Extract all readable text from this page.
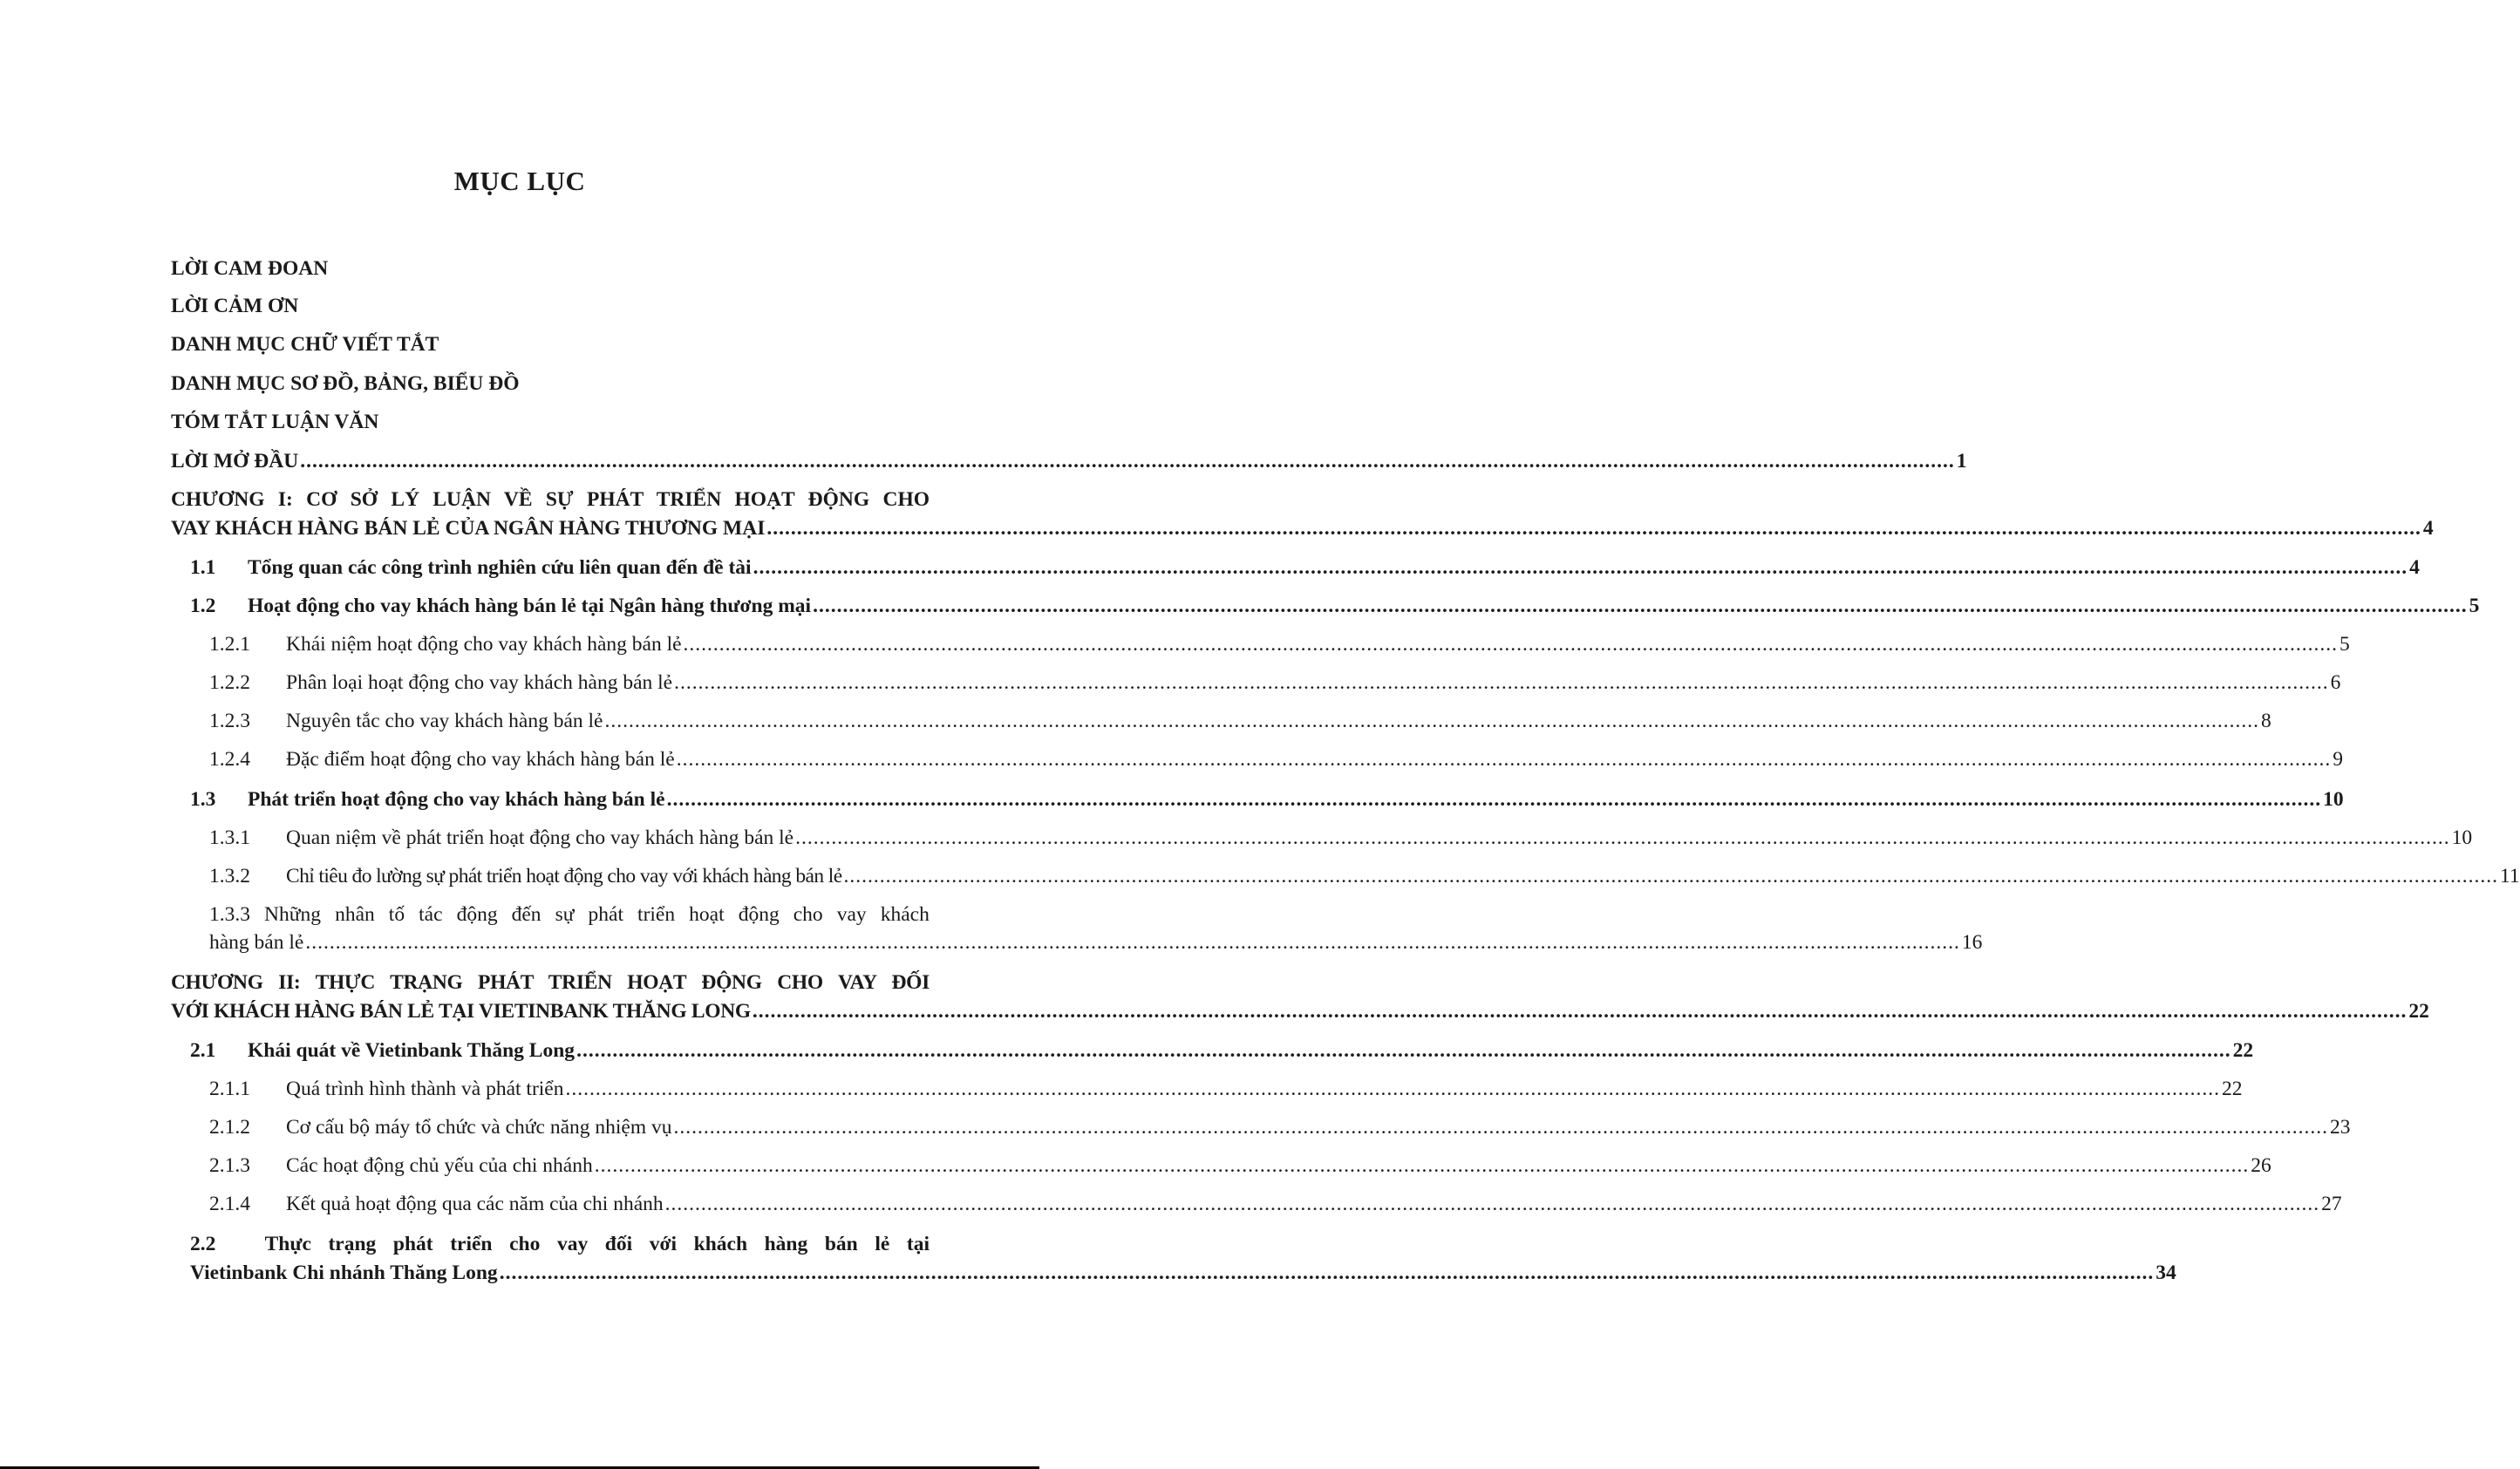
MỤC LỤC
LỜI CAM ĐOAN
LỜI CẢM ƠN
DANH MỤC CHỮ VIẾT TẮT
DANH MỤC SƠ ĐỒ, BẢNG, BIỂU ĐỒ
TÓM TẮT LUẬN VĂN
LỜI MỞ ĐẦU .....	1
CHƯƠNG I: CƠ SỞ LÝ LUẬN VỀ SỰ PHÁT TRIỂN HOẠT ĐỘNG CHO
VAY KHÁCH HÀNG BÁN LẺ CỦA NGÂN HÀNG THƯƠNG MẠI .....	4
1.1	Tổng quan các công trình nghiên cứu liên quan đến đề tài .....	4
1.2	Hoạt động cho vay khách hàng bán lẻ tại Ngân hàng thương mại .....	5
1.2.1	Khái niệm hoạt động cho vay khách hàng bán lẻ .....	5
1.2.2	Phân loại hoạt động cho vay khách hàng bán lẻ .....	6
1.2.3	Nguyên tắc cho vay khách hàng bán lẻ .....	8
1.2.4	Đặc điểm hoạt động cho vay khách hàng bán lẻ .....	9
1.3	Phát triển hoạt động cho vay khách hàng bán lẻ .....	10
1.3.1	Quan niệm về phát triển hoạt động cho vay khách hàng bán lẻ .....	10
1.3.2	Chỉ tiêu đo lường sự phát triển hoạt động cho vay với khách hàng bán lẻ .....	11
1.3.3 Những nhân tố tác động đến sự phát triển hoạt động cho vay khách
hàng bán lẻ .....	16
CHƯƠNG II: THỰC TRẠNG PHÁT TRIỂN HOẠT ĐỘNG CHO VAY ĐỐI
VỚI KHÁCH HÀNG BÁN LẺ TẠI VIETINBANK THĂNG LONG .....	22
2.1	Khái quát về Vietinbank Thăng Long .....	22
2.1.1	Quá trình hình thành và phát triển .....	22
2.1.2	Cơ cấu bộ máy tổ chức và chức năng nhiệm vụ .....	23
2.1.3	Các hoạt động chủ yếu của chi nhánh .....	26
2.1.4	Kết quả hoạt động qua các năm của chi nhánh .....	27
2.2	Thực trạng phát triển cho vay đối với khách hàng bán lẻ tại
Vietinbank Chi nhánh Thăng Long .....	34
